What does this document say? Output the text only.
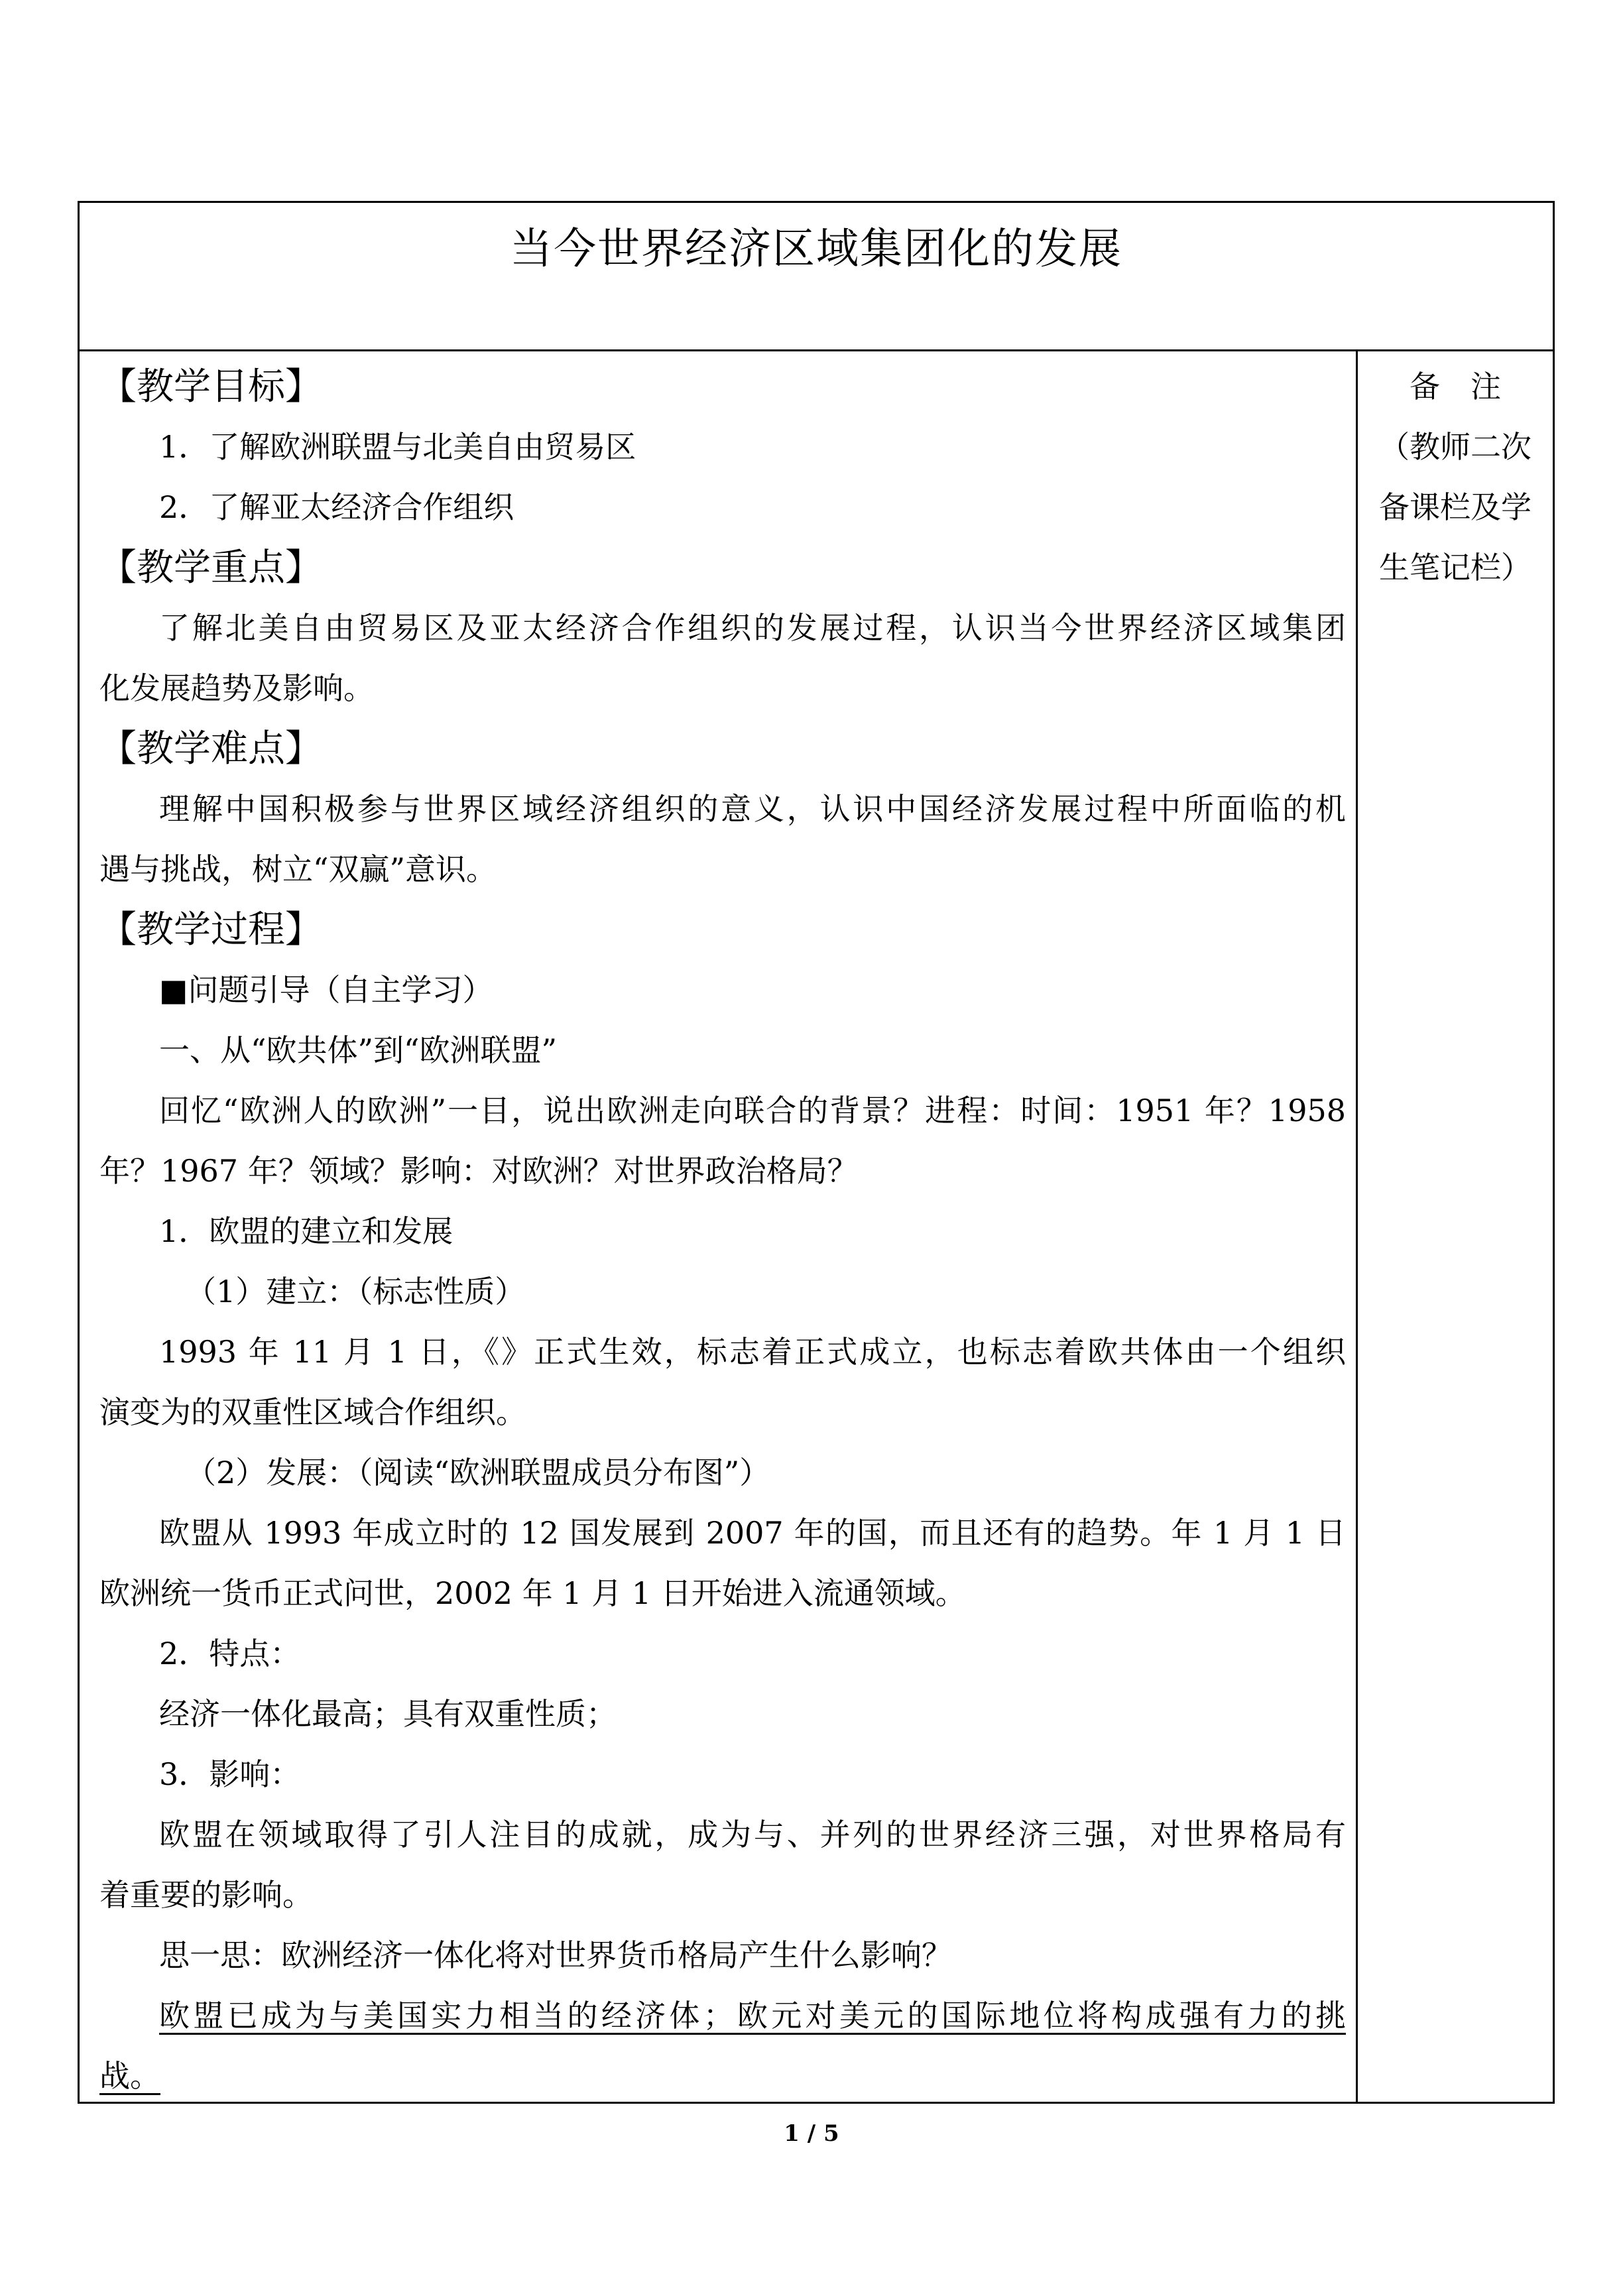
当今世界经济区域集团化的发展
【教学目标】
1．了解欧洲联盟与北美自由贸易区
2．了解亚太经济合作组织
【教学重点】
了解北美自由贸易区及亚太经济合作组织的发展过程，认识当今世界经济区域集团
化发展趋势及影响。
【教学难点】
理解中国积极参与世界区域经济组织的意义，认识中国经济发展过程中所面临的机
遇与挑战，树立“双赢”意识。
【教学过程】
■问题引导（自主学习）
一、从“欧共体”到“欧洲联盟”
回忆“欧洲人的欧洲”一目，说出欧洲走向联合的背景？进程：时间：1951 年？1958
年？1967 年？领域？影响：对欧洲？对世界政治格局？
1．欧盟的建立和发展
（1）建立：（标志性质）
1993 年 11 月 1 日，《》正式生效，标志着正式成立，也标志着欧共体由一个组织
演变为的双重性区域合作组织。
（2）发展：（阅读“欧洲联盟成员分布图”）
欧盟从 1993 年成立时的 12 国发展到 2007 年的国，而且还有的趋势。年 1 月 1 日
欧洲统一货币正式问世，2002 年 1 月 1 日开始进入流通领域。
2．特点：
经济一体化最高；具有双重性质；
3．影响：
欧盟在领域取得了引人注目的成就，成为与、并列的世界经济三强，对世界格局有
着重要的影响。
思一思：欧洲经济一体化将对世界货币格局产生什么影响？
欧盟已成为与美国实力相当的经济体；欧元对美元的国际地位将构成强有力的挑
战。
备　注
（教师二次
备课栏及学
生笔记栏）
1 / 5
